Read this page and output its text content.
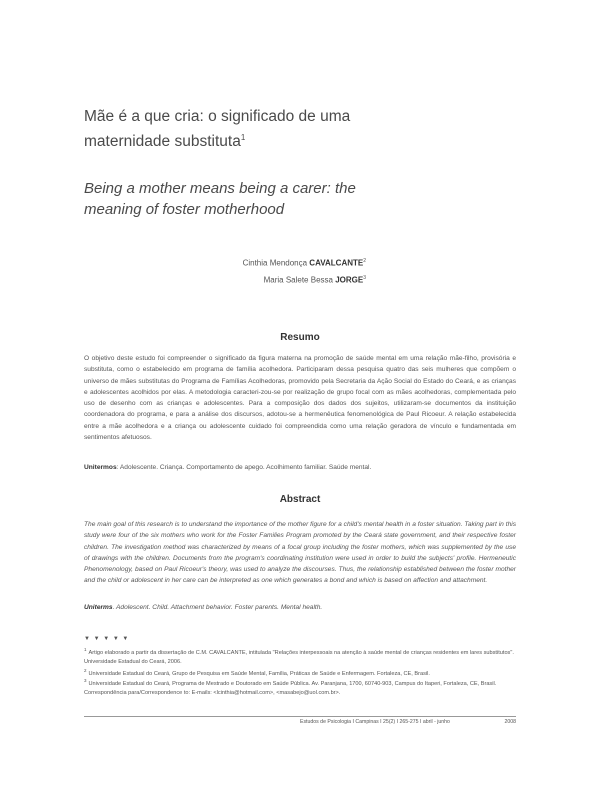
Mãe é a que cria: o significado de uma
maternidade substituta$^1$
Being a mother means being a carer: the
meaning of foster motherhood
Cinthia Mendonça CAVALCANTE$^2$
Maria Salete Bessa JORGE$^3$
Resumo

O objetivo deste estudo foi compreender o significado da figura materna na promoção de saúde mental em uma relação mãe-filho, provisória e substituta, como o estabelecido em programa de família acolhedora. Participaram dessa pesquisa quatro das seis mulheres que compõem o universo de mães substitutas do Programa de Famílias Acolhedoras, promovido pela Secretaria da Ação Social do Estado do Ceará, e as crianças e adolescentes acolhidos por elas. A metodologia caracteri-zou-se por realização de grupo focal com as mães acolhedoras, complementada pelo uso de desenho com as crianças e adolescentes. Para a composição dos dados dos sujeitos, utilizaram-se documentos da instituição coordenadora do programa, e para a análise dos discursos, adotou-se a hermenêutica fenomenológica de Paul Ricoeur. A relação estabelecida entre a mãe acolhedora e a criança ou adolescente cuidado foi compreendida como uma relação geradora de vínculo e fundamentada em sentimentos afetuosos.

Unitermos: Adolescente. Criança. Comportamento de apego. Acolhimento familiar. Saúde mental.

Abstract

The main goal of this research is to understand the importance of the mother figure for a child's mental health in a foster situation. Taking part in this study were four of the six mothers who work for the Foster Families Program promoted by the Ceará state government, and their respective foster children. The investigation method was characterized by means of a focal group including the foster mothers, which was supplemented by the use of drawings with the children. Documents from the program's coordinating institution were used in order to build the subjects' profile. Hermeneutic Phenomenology, based on Paul Ricoeur's theory, was used to analyze the discourses. Thus, the relationship established between the foster mother and the child or adolescent in her care can be interpreted as one which generates a bond and which is based on affection and attachment.

Uniterms. Adolescent. Child. Attachment behavior. Foster parents. Mental health.

▼ ▼ ▼ ▼ ▼

$^1$Artigo elaborado a partir da dissertação de C.M. CAVALCANTE, intitulada "Relações interpessoais na atenção à saúde mental de crianças residentes em lares substitutos". Universidade Estadual do Ceará, 2006.

$^2$Universidade Estadual do Ceará, Grupo de Pesquisa em Saúde Mental, Família, Práticas de Saúde e Enfermagem. Fortaleza, CE, Brasil.

$^3$Universidade Estadual do Ceará, Programa de Mestrado e Doutorado em Saúde Pública. Av. Paranjana, 1700, 60740-903, Campus do Itaperi, Fortaleza, CE, Brasil. Correspondência para/Correspondence to: E-mails: <lcinthia@hotmail.com>, <masabejo@uol.com.br>.

Estudos de Psicologia I Campinas I 25(2) I 265-275 I abril - junho	2008
